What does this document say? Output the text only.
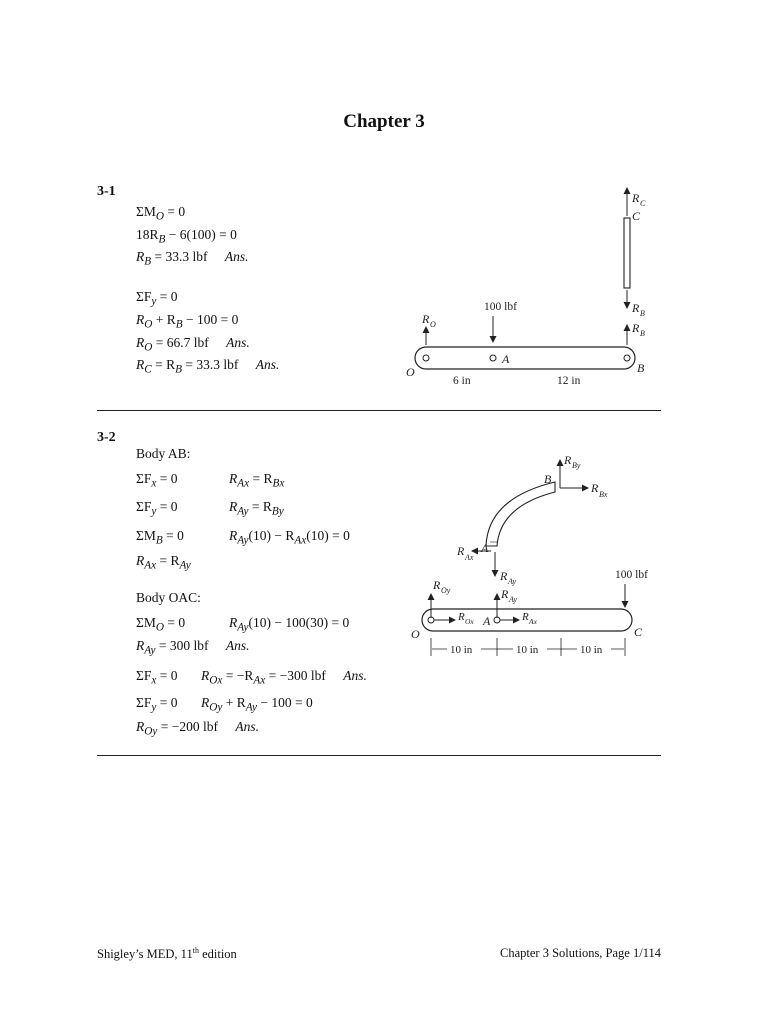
Chapter 3
3-1
$\Sigma M_O = 0$
$18R_B - 6(100) = 0$
$R_B = 33.3$ lbf Ans.
$\Sigma F_y = 0$
$R_O + R_B - 100 = 0$
$R_O = 66.7$ lbf Ans.
$R_C = R_B = 33.3$ lbf Ans.
R C
C
R B
R B
R O
100 lbf
O
A
B
6 in	12 in
3-2
Body AB:
$\Sigma F_x = 0$	$R_{Ax} = R_{Bx}$
$\Sigma F_y = 0$	$R_{Ay} = R_{By}$
$\Sigma M_B = 0$	$R_{Ay}(10) - R_{Ax}(10) = 0$
$R_{Ax} = R_{Ay}$
Body OAC:
$\Sigma M_O = 0$	$R_{Ay}(10) - 100(30) = 0$
$R_{Ay} = 300$ lbf Ans.
$\Sigma F_x = 0$ $R_{Ox} = -R_{Ax} = -300$ lbf Ans.
$\Sigma F_y = 0$ $R_{Oy} + R_{Ay} - 100 = 0$
$R_{Oy} = -200$ lbf Ans.
R By
R Bx
B
A
R Ax
R Ay
R Oy
R Ox
R Ay
R Ax
100 lbf
O
A
C
10 in	10 in	10 in
Shigley’s MED, 11th edition	Chapter 3 Solutions, Page 1/114
